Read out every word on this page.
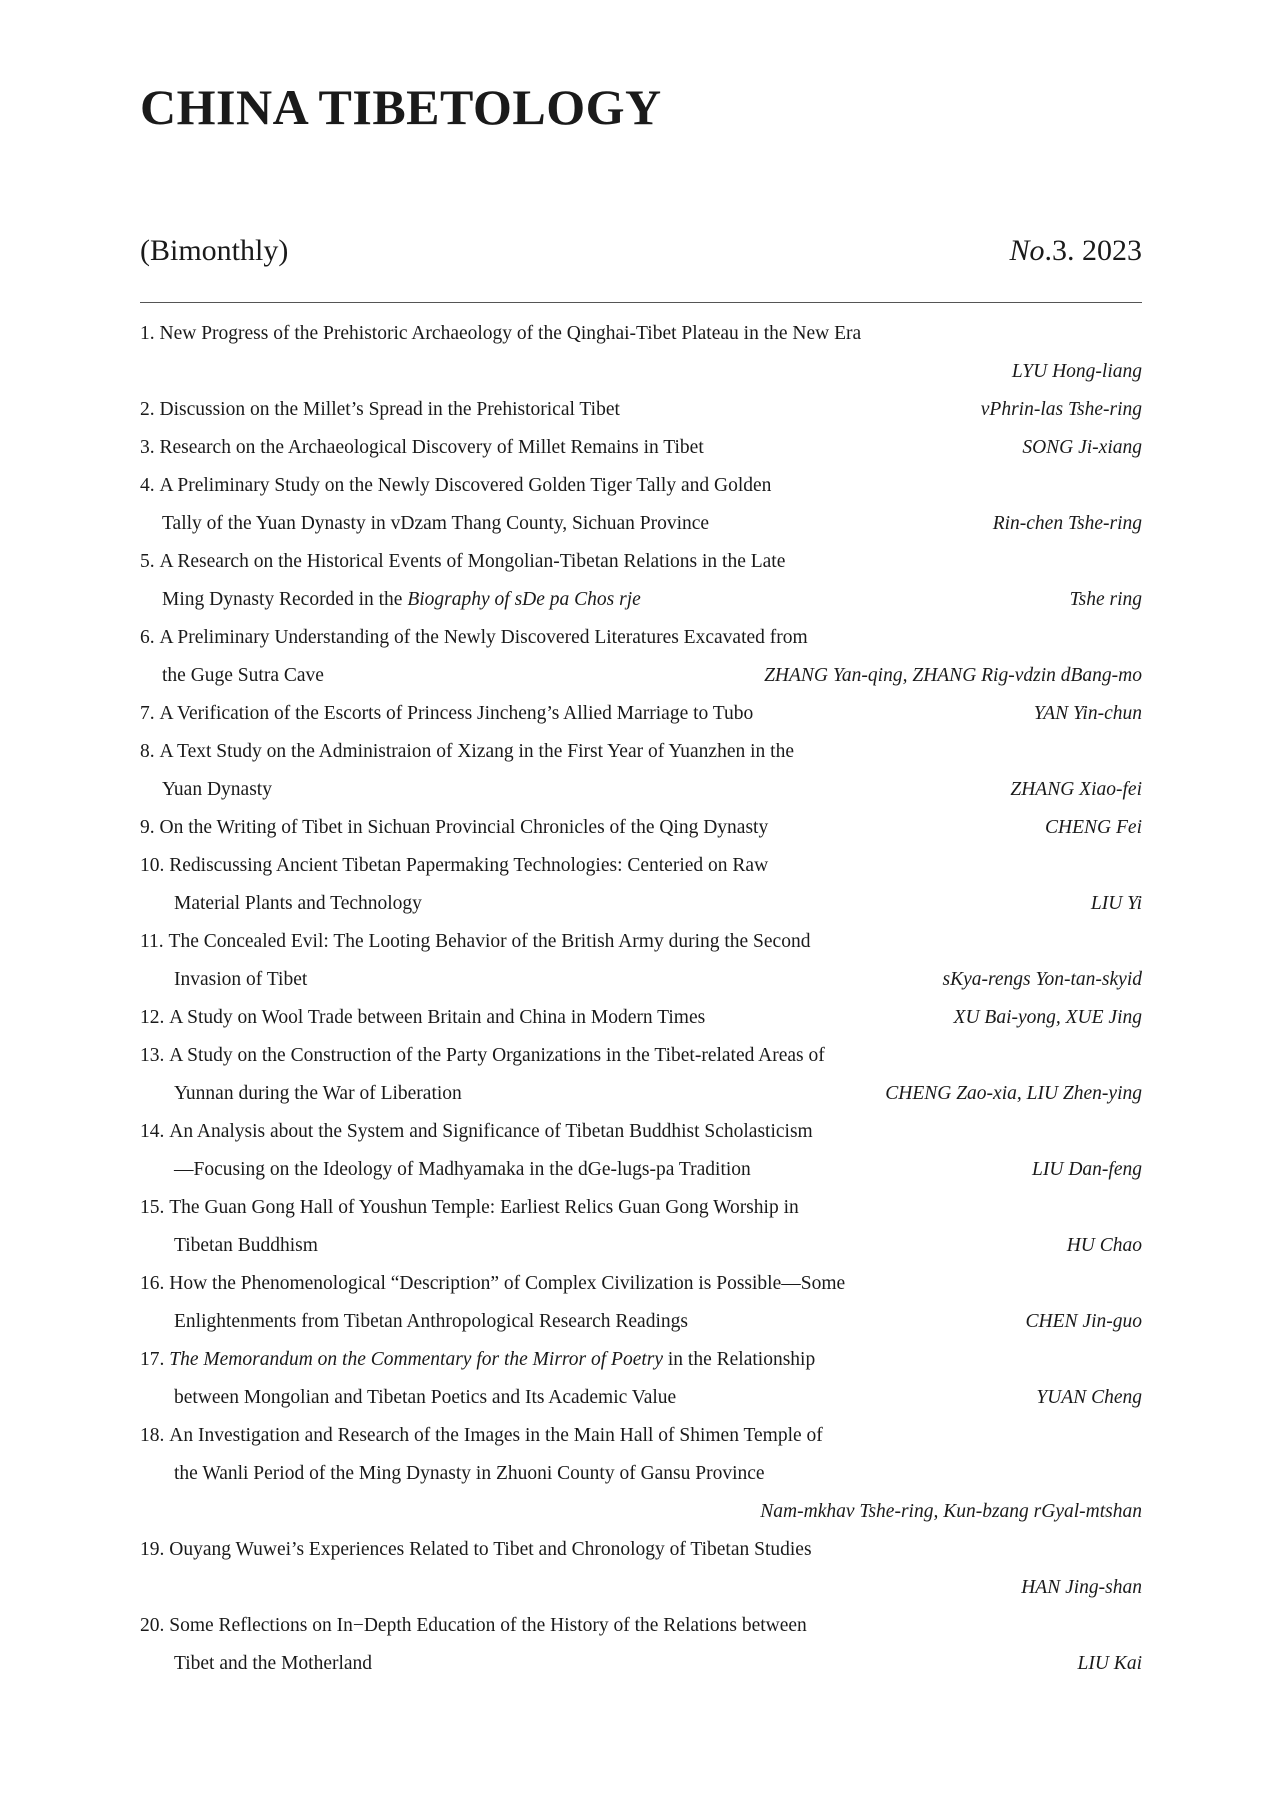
CHINA TIBETOLOGY
(Bimonthly)	No.3. 2023
1.
New Progress of the Prehistoric Archaeology of the Qinghai-Tibet Plateau in the New Era
LYU Hong-liang
2.
Discussion on the Millet’s Spread in the Prehistorical Tibet	vPhrin-las Tshe-ring
3.
Research on the Archaeological Discovery of Millet Remains in Tibet	SONG Ji-xiang
4.
A Preliminary Study on the Newly Discovered Golden Tiger Tally and Golden
Tally of the Yuan Dynasty in vDzam Thang County, Sichuan Province	Rin-chen Tshe-ring
5.
A Research on the Historical Events of Mongolian-Tibetan Relations in the Late
Ming Dynasty Recorded in the Biography of sDe pa Chos rje	Tshe ring
6.
A Preliminary Understanding of the Newly Discovered Literatures Excavated from
the Guge Sutra Cave	ZHANG Yan-qing, ZHANG Rig-vdzin dBang-mo
7.
A Verification of the Escorts of Princess Jincheng’s Allied Marriage to Tubo	YAN Yin-chun
8.
A Text Study on the Administraion of Xizang in the First Year of Yuanzhen in the
Yuan Dynasty	ZHANG Xiao-fei
9.
On the Writing of Tibet in Sichuan Provincial Chronicles of the Qing Dynasty	CHENG Fei
10.
Rediscussing Ancient Tibetan Papermaking Technologies: Centeried on Raw
Material Plants and Technology	LIU Yi
11.
The Concealed Evil: The Looting Behavior of the British Army during the Second
Invasion of Tibet	sKya-rengs Yon-tan-skyid
12.
A Study on Wool Trade between Britain and China in Modern Times	XU Bai-yong, XUE Jing
13.
A Study on the Construction of the Party Organizations in the Tibet-related Areas of
Yunnan during the War of Liberation	CHENG Zao-xia, LIU Zhen-ying
14.
An Analysis about the System and Significance of Tibetan Buddhist Scholasticism
—Focusing on the Ideology of Madhyamaka in the dGe-lugs-pa Tradition	LIU Dan-feng
15.
The Guan Gong Hall of Youshun Temple: Earliest Relics Guan Gong Worship in
Tibetan Buddhism	HU Chao
16.
How the Phenomenological “Description” of Complex Civilization is Possible—Some
Enlightenments from Tibetan Anthropological Research Readings	CHEN Jin-guo
17.
The Memorandum on the Commentary for the Mirror of Poetry in the Relationship
between Mongolian and Tibetan Poetics and Its Academic Value	YUAN Cheng
18.
An Investigation and Research of the Images in the Main Hall of Shimen Temple of
the Wanli Period of the Ming Dynasty in Zhuoni County of Gansu Province
Nam-mkhav Tshe-ring, Kun-bzang rGyal-mtshan
19.
Ouyang Wuwei’s Experiences Related to Tibet and Chronology of Tibetan Studies
HAN Jing-shan
20.
Some Reflections on In−Depth Education of the History of the Relations between
Tibet and the Motherland	LIU Kai
